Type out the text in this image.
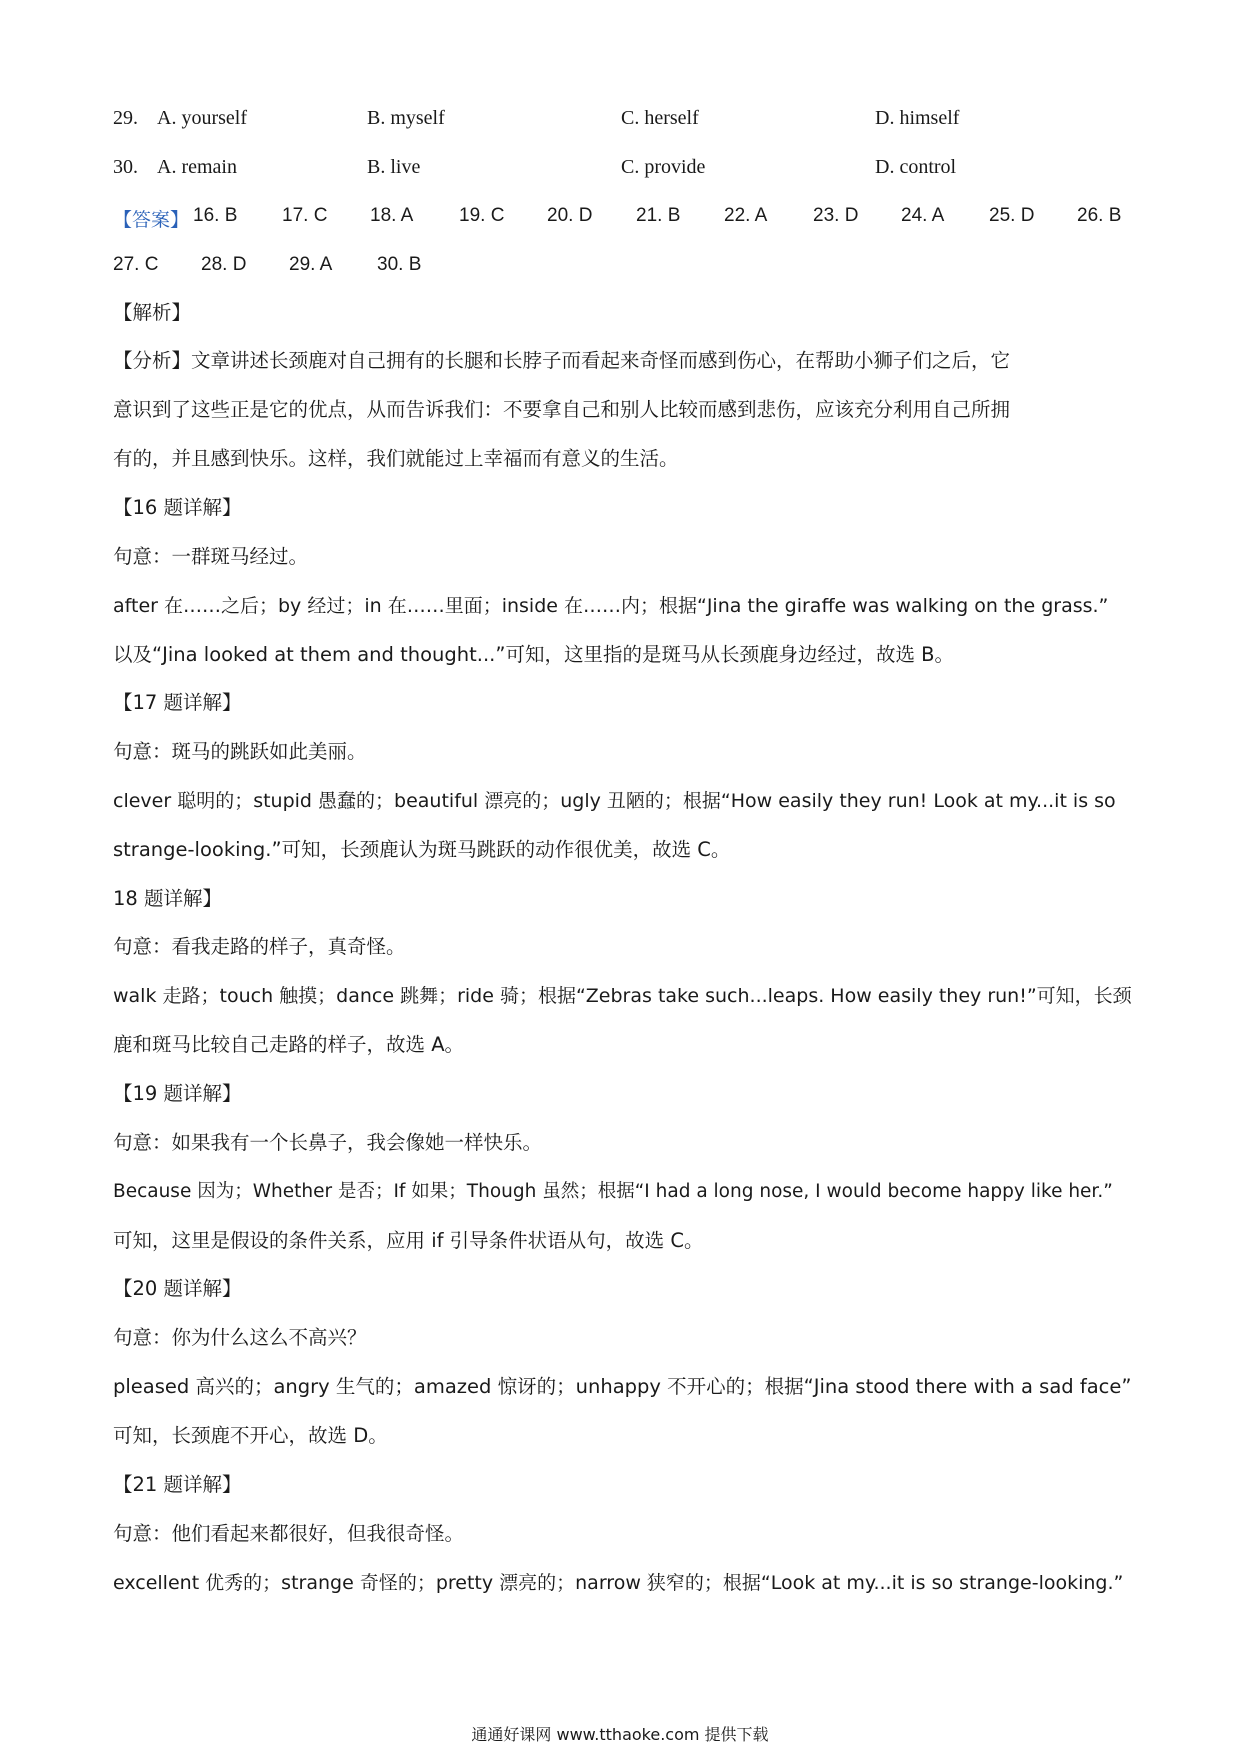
29. A. yourself	B. myself	C. herself	D. himself
30. A. remain	B. live	C. provide	D. control
【答案】 16. B 17. C 18. A 19. C 20. D 21. B 22. A 23. D 24. A 25. D 26. B
27. C 28. D 29. A 30. B
【解析】
【分析】文章讲述长颈鹿对自己拥有的长腿和长脖子而看起来奇怪而感到伤心，在帮助小狮子们之后，它
意识到了这些正是它的优点，从而告诉我们：不要拿自己和别人比较而感到悲伤，应该充分利用自己所拥
有的，并且感到快乐。这样，我们就能过上幸福而有意义的生活。
【16 题详解】
句意：一群斑马经过。
after 在……之后；by 经过；in 在……里面；inside 在……内；根据“Jina the giraffe was walking on the grass.”
以及“Jina looked at them and thought...”可知，这里指的是斑马从长颈鹿身边经过，故选 B。
【17 题详解】
句意：斑马的跳跃如此美丽。
clever 聪明的；stupid 愚蠢的；beautiful 漂亮的；ugly 丑陋的；根据“How easily they run! Look at my...it is so
strange-looking.”可知，长颈鹿认为斑马跳跃的动作很优美，故选 C。
18 题详解】
句意：看我走路的样子，真奇怪。
walk 走路；touch 触摸；dance 跳舞；ride 骑；根据“Zebras take such...leaps. How easily they run!”可知，长颈
鹿和斑马比较自己走路的样子，故选 A。
【19 题详解】
句意：如果我有一个长鼻子，我会像她一样快乐。
Because 因为；Whether 是否；If 如果；Though 虽然；根据“I had a long nose, I would become happy like her.”
可知，这里是假设的条件关系，应用 if 引导条件状语从句，故选 C。
【20 题详解】
句意：你为什么这么不高兴？
pleased 高兴的；angry 生气的；amazed 惊讶的；unhappy 不开心的；根据“Jina stood there with a sad face”
可知，长颈鹿不开心，故选 D。
【21 题详解】
句意：他们看起来都很好，但我很奇怪。
excellent 优秀的；strange 奇怪的；pretty 漂亮的；narrow 狭窄的；根据“Look at my...it is so strange-looking.”
通通好课网 www.tthaoke.com 提供下载
